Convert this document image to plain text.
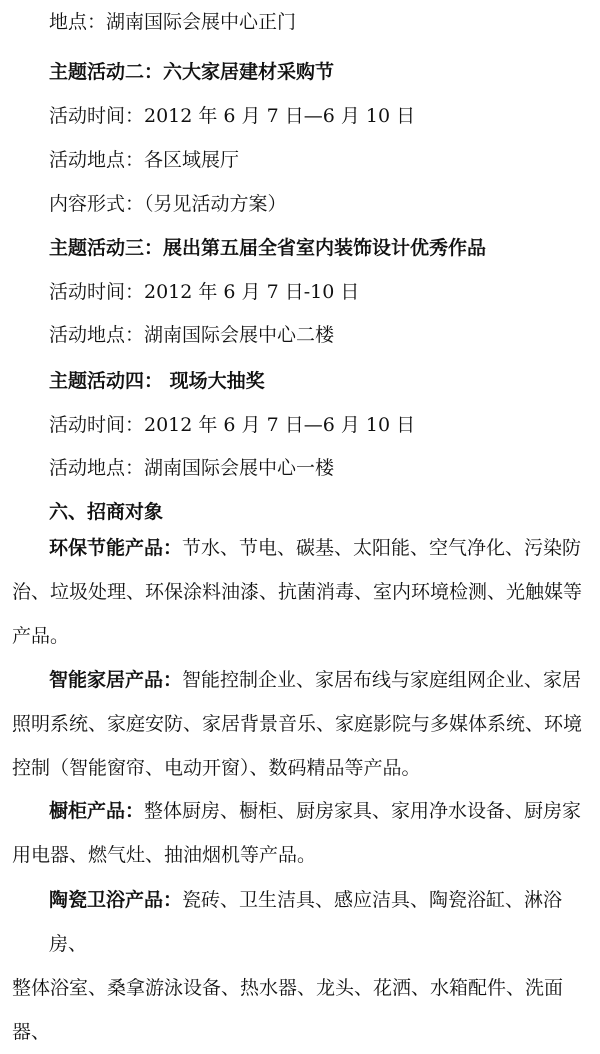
地点：湖南国际会展中心正门
主题活动二：六大家居建材采购节
活动时间：2012 年 6 月 7 日—6 月 10 日
活动地点：各区域展厅
内容形式：（另见活动方案）
主题活动三：展出第五届全省室内装饰设计优秀作品
活动时间：2012 年 6 月 7 日-10 日
活动地点：湖南国际会展中心二楼
主题活动四： 现场大抽奖
活动时间：2012 年 6 月 7 日—6 月 10 日
活动地点：湖南国际会展中心一楼
六、招商对象
环保节能产品：节水、节电、碳基、太阳能、空气净化、污染防
治、垃圾处理、环保涂料油漆、抗菌消毒、室内环境检测、光触媒等
产品。
智能家居产品：智能控制企业、家居布线与家庭组网企业、家居
照明系统、家庭安防、家居背景音乐、家庭影院与多媒体系统、环境
控制（智能窗帘、电动开窗）、数码精品等产品。
橱柜产品：整体厨房、橱柜、厨房家具、家用净水设备、厨房家
用电器、燃气灶、抽油烟机等产品。
陶瓷卫浴产品：瓷砖、卫生洁具、感应洁具、陶瓷浴缸、淋浴房、
整体浴室、桑拿游泳设备、热水器、龙头、花洒、水箱配件、洗面器、
